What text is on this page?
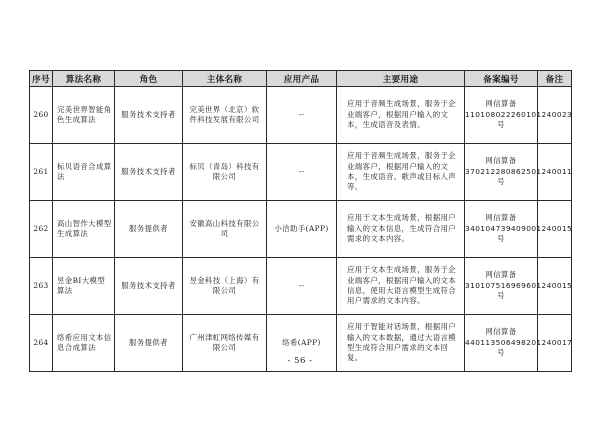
序号	算法名称	角色	主体名称	应用产品	主要用途	备案编号	备注
260	完美世界智能角色生成算法	服务技术支持者	完美世界（北京）软件科技发展有限公司	--	应用于音频生成场景，服务于企业端客户，根据用户输入的文本，生成语音及表情。	网信算备110108022260101240023号	
261	标贝语音合成算法	服务技术支持者	标贝（青岛）科技有限公司	--	应用于音频生成场景，服务于企业端客户，根据用户输入的文本，生成语音、歌声或目标人声等。	网信算备370212280862501240011号	
262	高山智作大模型生成算法	服务提供者	安徽高山科技有限公司	小洽助手(APP)	应用于文本生成场景，根据用户输入的文本信息，生成符合用户需求的文本内容。	网信算备340104739409001240015号	
263	昱金BI大模型算法	服务技术支持者	昱金科技（上海）有限公司	--	应用于文本生成场景，服务于企业端客户，根据用户输入的文本信息，使用大语言模型生成符合用户需求的文本内容。	网信算备310107516969601240015号	
264	络希应用文本信息合成算法	服务提供者	广州津虹网络传媒有限公司	络希(APP)	应用于智能对话场景，根据用户输入的文本数据，通过大语言模型生成符合用户需求的文本回复。	网信算备440113506498201240017号	
- 56 -
